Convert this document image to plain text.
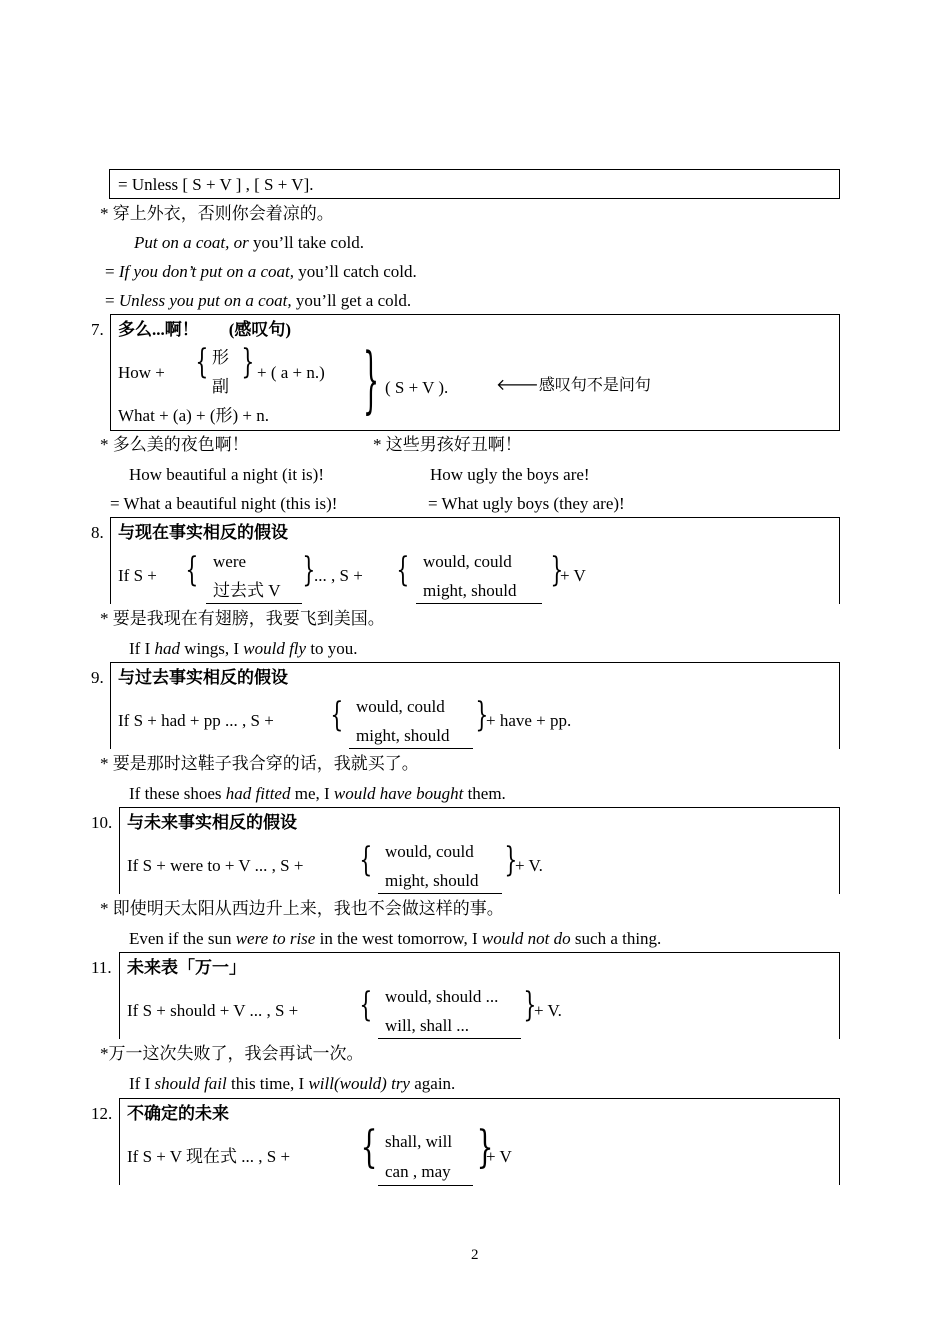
= Unless [ S + V ] , [ S + V].
* 穿上外衣，否则你会着凉的。
Put on a coat, or you’ll take cold.
= If you don’t put on a coat, you’ll catch cold.
= Unless you put on a coat, you’ll get a cold.
7. 多么...啊！ (感叹句)
How + { 形
副
} + ( a + n.)
What + (a) + (形) + n. } ( S + V ).	🡐感叹句不是问句
* 多么美的夜色啊！	* 这些男孩好丑啊！
How beautiful a night (it is)!	How ugly the boys are!
= What a beautiful night (this is)!	= What ugly boys (they are)!
8. 与现在事实相反的假设
If S + { were
过去式 V
}
... , S + { would, could
might, should
}
+ V
* 要是我现在有翅膀，我要飞到美国。
If I had wings, I would fly to you.
9. 与过去事实相反的假设
If S + had + pp ... , S + { would, could
might, should
}
+ have + pp.
* 要是那时这鞋子我合穿的话，我就买了。
If these shoes had fitted me, I would have bought them.
10. 与未来事实相反的假设
If S + were to + V ... , S + { would, could
might, should
}
+ V.
* 即使明天太阳从西边升上来，我也不会做这样的事。
Even if the sun were to rise in the west tomorrow, I would not do such a thing.
11. 未来表「万一」
If S + should + V ... , S + { would, should ...
will, shall ...
}
+ V.
*万一这次失败了，我会再试一次。
If I should fail this time, I will(would) try again.
12. 不确定的未来
If S + V 现在式 ... , S + { shall, will
can , may }
+ V
2
